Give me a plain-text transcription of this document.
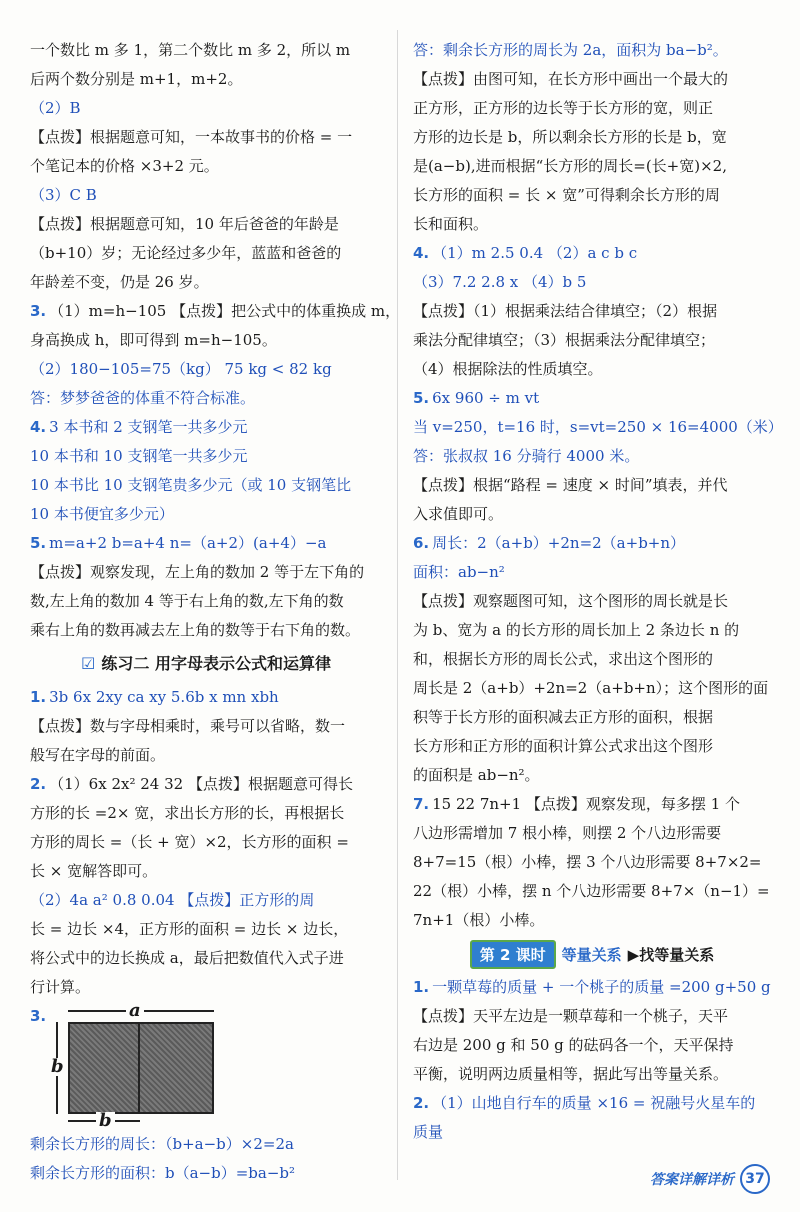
一个数比 m 多 1，第二个数比 m 多 2，所以 m

后两个数分别是 m+1，m+2。

（2）B

【点拨】根据题意可知，一本故事书的价格 = 一

个笔记本的价格 ×3+2 元。

（3）C B

【点拨】根据题意可知，10 年后爸爸的年龄是

（b+10）岁；无论经过多少年，蓝蓝和爸爸的

年龄差不变，仍是 26 岁。

3. （1）m=h−105 【点拨】把公式中的体重换成 m，

身高换成 h，即可得到 m=h−105。

（2）180−105=75（kg） 75 kg < 82 kg

答：梦梦爸爸的体重不符合标准。

4. 3 本书和 2 支钢笔一共多少元

10 本书和 10 支钢笔一共多少元

10 本书比 10 支钢笔贵多少元（或 10 支钢笔比

10 本书便宜多少元）

5. m=a+2 b=a+4 n=（a+2）(a+4）−a

【点拨】观察发现，左上角的数加 2 等于左下角的

数,左上角的数加 4 等于右上角的数,左下角的数

乘右上角的数再减去左上角的数等于右下角的数。

☑ 练习二 用字母表示公式和运算律

1. 3b 6x 2xy ca xy 5.6b x mn xbh

【点拨】数与字母相乘时，乘号可以省略，数一

般写在字母的前面。

2. （1）6x 2x² 24 32 【点拨】根据题意可得长

方形的长 =2× 宽，求出长方形的长，再根据长

方形的周长 =（长 + 宽）×2，长方形的面积 =

长 × 宽解答即可。

（2）4a a² 0.8 0.04 【点拨】正方形的周

长 = 边长 ×4，正方形的面积 = 边长 × 边长，

将公式中的边长换成 a，最后把数值代入式子进

行计算。

3.	a
b
b

剩余长方形的周长：（b+a−b）×2=2a

剩余长方形的面积：b（a−b）=ba−b²

答：剩余长方形的周长为 2a，面积为 ba−b²。

【点拨】由图可知，在长方形中画出一个最大的

正方形，正方形的边长等于长方形的宽，则正

方形的边长是 b，所以剩余长方形的长是 b，宽

是(a−b),进而根据“长方形的周长=(长+宽)×2,

长方形的面积 = 长 × 宽”可得剩余长方形的周

长和面积。

4. （1）m 2.5 0.4 （2）a c b c

（3）7.2 2.8 x （4）b 5

【点拨】（1）根据乘法结合律填空；（2）根据

乘法分配律填空；（3）根据乘法分配律填空；

（4）根据除法的性质填空。

5. 6x 960 ÷ m vt

当 v=250，t=16 时，s=vt=250 × 16=4000（米）

答：张叔叔 16 分骑行 4000 米。

【点拨】根据“路程 = 速度 × 时间”填表，并代

入求值即可。

6. 周长：2（a+b）+2n=2（a+b+n）

面积：ab−n²

【点拨】观察题图可知，这个图形的周长就是长

为 b、宽为 a 的长方形的周长加上 2 条边长 n 的

和，根据长方形的周长公式，求出这个图形的

周长是 2（a+b）+2n=2（a+b+n）；这个图形的面

积等于长方形的面积减去正方形的面积，根据

长方形和正方形的面积计算公式求出这个图形

的面积是 ab−n²。

7. 15 22 7n+1 【点拨】观察发现，每多摆 1 个

八边形需增加 7 根小棒，则摆 2 个八边形需要

8+7=15（根）小棒，摆 3 个八边形需要 8+7×2=

22（根）小棒，摆 n 个八边形需要 8+7×（n−1）=

7n+1（根）小棒。

第 2 课时	等量关系 ▶找等量关系

1. 一颗草莓的质量 + 一个桃子的质量 =200 g+50 g

【点拨】天平左边是一颗草莓和一个桃子，天平

右边是 200 g 和 50 g 的砝码各一个，天平保持

平衡，说明两边质量相等，据此写出等量关系。

2. （1）山地自行车的质量 ×16 = 祝融号火星车的

质量

答案详解详析 37
